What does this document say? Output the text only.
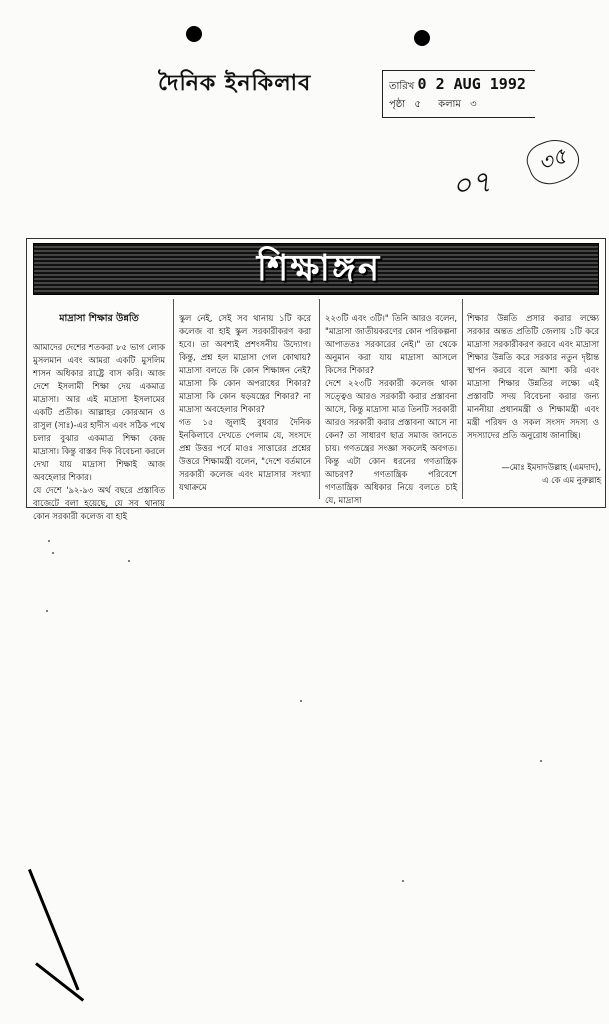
দৈনিক ইনকিলাব	তারিখ 0 2 AUG 1992
পৃষ্ঠা ৫ কলাম ৩
০৭
৩৫
শিক্ষাঙ্গন

মাদ্রাসা শিক্ষার উন্নতি

আমাদের দেশের শতকরা ৮৫ ভাগ লোক মুসলমান এবং আমরা একটি মুসলিম শাসন অধিকার রাষ্ট্রে বাস করি। আজ দেশে ইসলামী শিক্ষা দেয় একমাত্র মাদ্রাসা। আর এই মাদ্রাসা ইসলামের একটি প্রতীক। আল্লাহর কোরআন ও রাসুল (সাঃ)-এর হাদীস এবং সঠিক পথে চলার বুঝার একমাত্র শিক্ষা কেন্দ্র মাদ্রাসা। কিন্তু বাস্তব দিক বিবেচনা করলে দেখা যায় মাদ্রাসা শিক্ষাই আজ অবহেলার শিকার।
যে দেশে '৯২-৯৩ অর্থ বছরে প্রস্তাবিত বাজেটে বলা হয়েছে, যে সব থানায় কোন সরকারী কলেজ বা হাই

স্কুল নেই, সেই সব থানায় ১টি করে কলেজ বা হাই স্কুল সরকারীকরণ করা হবে। তা অবশ্যই প্রশংসনীয় উদ্যোগ। কিন্তু, প্রশ্ন হল মাদ্রাসা গেল কোথায়? মাদ্রাসা বলতে কি কোন শিক্ষাঙ্গন নেই? মাদ্রাসা কি কোন অপরাধের শিকার? মাদ্রাসা কি কোন ষড়যন্ত্রের শিকার? না মাদ্রাসা অবহেলার শিকার?
গত ১৫ জুলাই বুধবার দৈনিক ইনকিলাবে দেখতে পেলাম যে, সংসদে প্রশ্ন উত্তর পর্বে মাওঃ সাত্তারের প্রশ্নের উত্তরে শিক্ষামন্ত্রী বলেন, "দেশে বর্তমানে সরকারী কলেজ এবং মাদ্রাসার সংখ্যা যথাক্রমে

২২৩টি এবং ৩টি।" তিনি আরও বলেন, "মাদ্রাসা জাতীয়করণের কোন পরিকল্পনা আপাততঃ সরকারের নেই।" তা থেকে অনুমান করা যায় মাদ্রাসা আসলে কিসের শিকার?
দেশে ২২৩টি সরকারী কলেজ থাকা সত্ত্বেও আরও সরকারী করার প্রস্তাবনা আসে, কিন্তু মাদ্রাসা মাত্র তিনটি সরকারী আরও সরকারী করার প্রস্তাবনা আসে না কেন? তা সাধারণ ছাত্র সমাজ জানতে চায়। গণতন্ত্রের সংজ্ঞা সকলেই অবগত। কিন্তু এটা কোন ধরনের গণতান্ত্রিক আচরণ? গণতান্ত্রিক পরিবেশে গণতান্ত্রিক অধিকার নিয়ে বলতে চাই যে, মাদ্রাসা

শিক্ষার উন্নতি প্রসার করার লক্ষ্যে সরকার অন্তত প্রতিটি জেলায় ১টি করে মাদ্রাসা সরকারীকরণ করবে এবং মাদ্রাসা শিক্ষার উন্নতি করে সরকার নতুন দৃষ্টান্ত স্থাপন করবে বলে আশা করি এবং মাদ্রাসা শিক্ষার উন্নতির লক্ষ্যে এই প্রস্তাবটি সদয় বিবেচনা করার জন্য মাননীয়া প্রধানমন্ত্রী ও শিক্ষামন্ত্রী এবং মন্ত্রী পরিষদ ও সকল সংসদ সদস্য ও সদস্যাদের প্রতি অনুরোধ জানাচ্ছি।

—মোঃ ইমদাদউল্লাহ (এমদাদ),
এ কে এম নুরুল্লাহ
